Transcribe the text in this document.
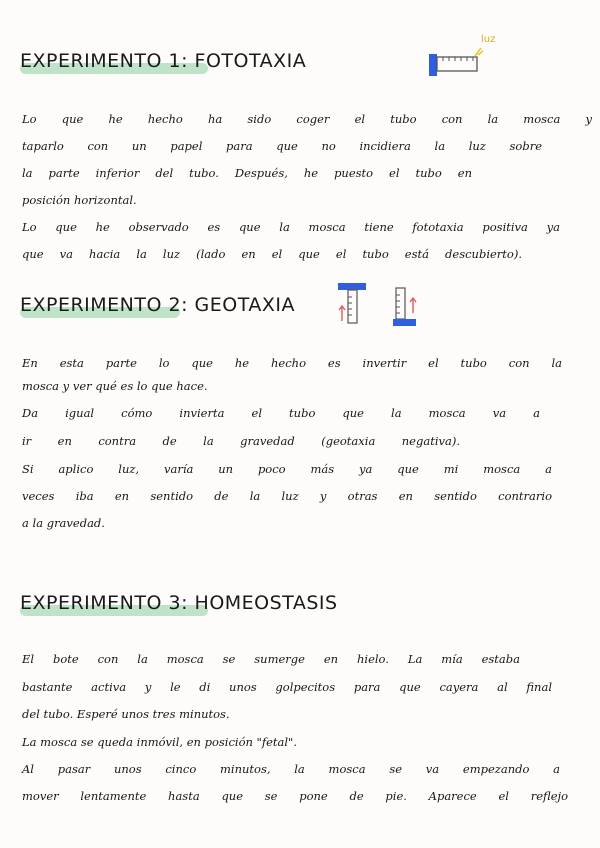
EXPERIMENTO 1: FOTOTAXIA
luz
Lo que he hecho ha sido coger el tubo con la mosca y
taparlo con un papel para que no incidiera la luz sobre
la parte inferior del tubo. Después, he puesto el tubo en
posición horizontal.
Lo que he observado es que la mosca tiene fototaxia positiva ya
que va hacia la luz (lado en el que el tubo está descubierto).
EXPERIMENTO 2: GEOTAXIA
En esta parte lo que he hecho es invertir el tubo con la
mosca y ver qué es lo que hace.
Da igual cómo invierta el tubo que la mosca va a
ir en contra de la gravedad (geotaxia negativa).
Si aplico luz, varía un poco más ya que mi mosca a
veces iba en sentido de la luz y otras en sentido contrario
a la gravedad.
EXPERIMENTO 3: HOMEOSTASIS
El bote con la mosca se sumerge en hielo. La mía estaba
bastante activa y le di unos golpecitos para que cayera al final
del tubo. Esperé unos tres minutos.
La mosca se queda inmóvil, en posición "fetal".
Al pasar unos cinco minutos, la mosca se va empezando a
mover lentamente hasta que se pone de pie. Aparece el reflejo
